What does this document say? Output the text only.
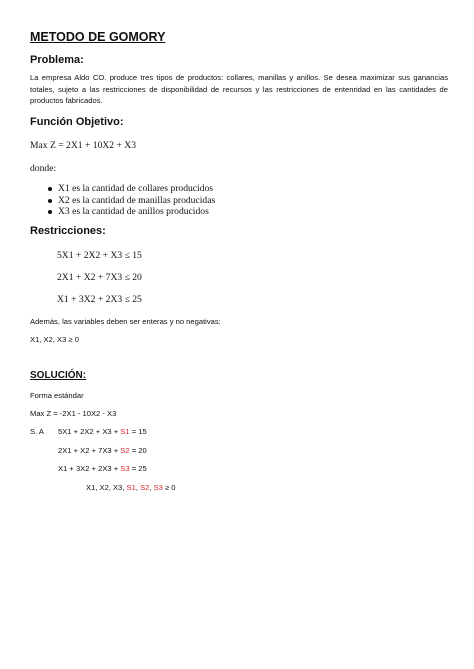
METODO DE GOMORY
Problema:
La empresa Aldo CO. produce tres tipos de productos: collares, manillas y anillos. Se desea maximizar sus ganancias totales, sujeto a las restricciones de disponibilidad de recursos y las restricciones de entenridad en las cantidades de productos fabricados.
Función Objetivo:
Max Z = 2X1 + 10X2 + X3
donde:
X1 es la cantidad de collares producidos
X2 es la cantidad de manillas producidas
X3 es la cantidad de anillos producidos
Restricciones:
5X1 + 2X2 + X3 ≤ 15
2X1 + X2 + 7X3 ≤ 20
X1 + 3X2 + 2X3 ≤ 25
Además, las variables deben ser enteras y no negativas:
X1, X2, X3 ≥ 0
SOLUCIÓN:
Forma estándar
Max Z = -2X1 - 10X2 - X3
S. A 5X1 + 2X2 + X3 + S1 = 15
2X1 + X2 + 7X3 + S2 = 20
X1 + 3X2 + 2X3 + S3 = 25
X1, X2, X3, S1, S2, S3 ≥ 0
